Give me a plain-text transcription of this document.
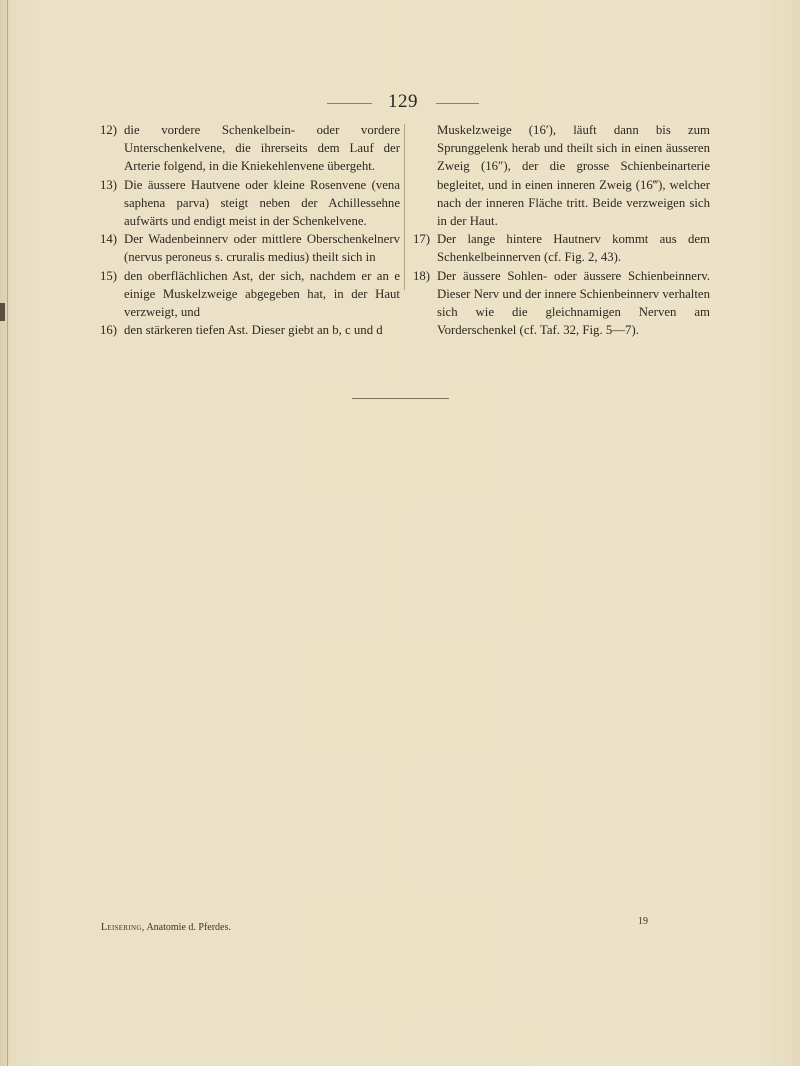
129
12) die vordere Schenkelbein- oder vordere Unterschenkelvene, die ihrerseits dem Lauf der Arterie folgend, in die Kniekehlenvene übergeht.
13) Die äussere Hautvene oder kleine Rosenvene (vena saphena parva) steigt neben der Achillessehne aufwärts und endigt meist in der Schenkelvene.
14) Der Wadenbeinnerv oder mittlere Oberschenkelnerv (nervus peroneus s. cruralis medius) theilt sich in
15) den oberflächlichen Ast, der sich, nachdem er an e einige Muskelzweige abgegeben hat, in der Haut verzweigt, und
16) den stärkeren tiefen Ast. Dieser giebt an b, c und d
Muskelzweige (16′), läuft dann bis zum Sprunggelenk herab und theilt sich in einen äusseren Zweig (16″), der die grosse Schienbeinarterie begleitet, und in einen inneren Zweig (16‴), welcher nach der inneren Fläche tritt. Beide verzweigen sich in der Haut.
17) Der lange hintere Hautnerv kommt aus dem Schenkelbeinnerven (cf. Fig. 2, 43).
18) Der äussere Sohlen- oder äussere Schienbeinnerv. Dieser Nerv und der innere Schienbeinnerv verhalten sich wie die gleichnamigen Nerven am Vorderschenkel (cf. Taf. 32, Fig. 5—7).
Leisering, Anatomie d. Pferdes.
19
